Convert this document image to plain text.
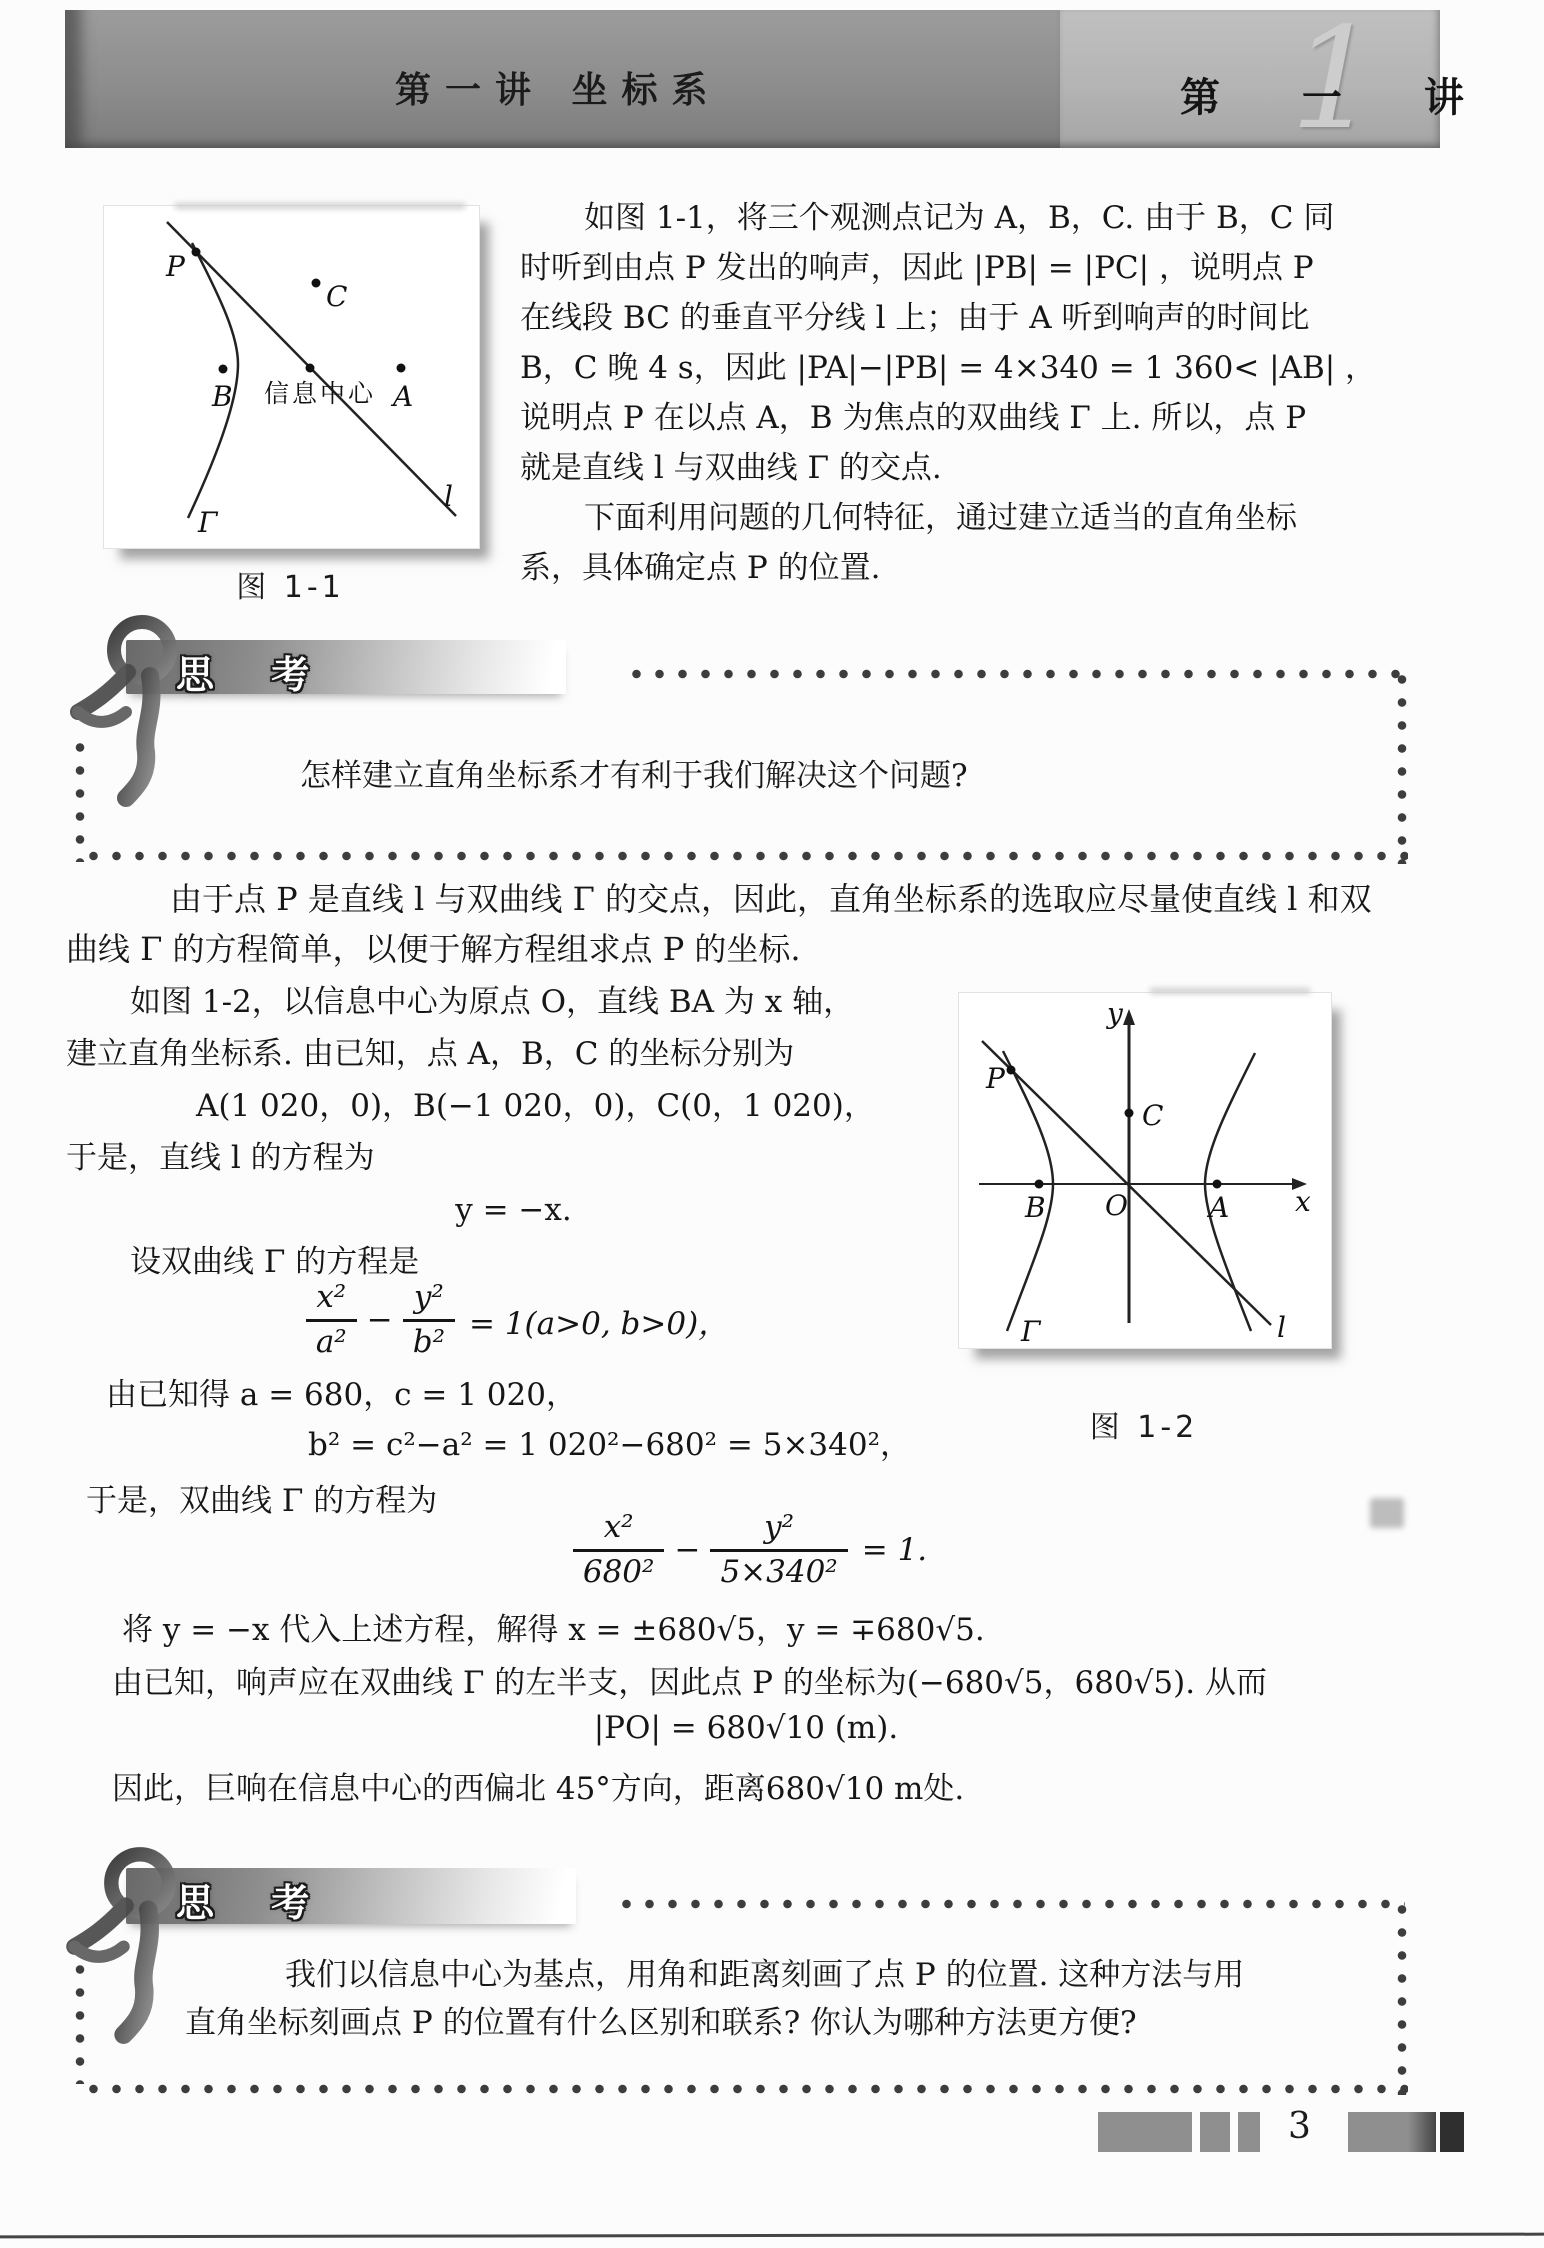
第一讲 坐标系	1
第 一 讲
P
C
B 信息中心 A
l
Γ
图 1-1
如图 1-1，将三个观测点记为 A，B，C. 由于 B，C 同
时听到由点 P 发出的响声，因此 |PB| = |PC| ，说明点 P
在线段 BC 的垂直平分线 l 上；由于 A 听到响声的时间比
B，C 晚 4 s，因此 |PA|−|PB| = 4×340 = 1 360< |AB| ，
说明点 P 在以点 A，B 为焦点的双曲线 Γ 上. 所以，点 P
就是直线 l 与双曲线 Γ 的交点.
下面利用问题的几何特征，通过建立适当的直角坐标
系，具体确定点 P 的位置.
思 考
怎样建立直角坐标系才有利于我们解决这个问题?
由于点 P 是直线 l 与双曲线 Γ 的交点，因此，直角坐标系的选取应尽量使直线 l 和双
曲线 Γ 的方程简单，以便于解方程组求点 P 的坐标.
如图 1-2，以信息中心为原点 O，直线 BA 为 x 轴，
建立直角坐标系. 由已知，点 A，B，C 的坐标分别为
A(1 020，0)，B(−1 020，0)，C(0，1 020)，
于是，直线 l 的方程为
y = −x.
设双曲线 Γ 的方程是
P
C
B O	A
y
x
Γ	l
图 1-2
$\frac{\text{x²}}{\text{a²}} - \frac{\text{y²}}{\text{b²}} = 1(a>0$, b>0)，
由已知得 a = 680，c = 1 020，
b² = c²−a² = 1 020²−680² = 5×340²，
于是，双曲线 Γ 的方程为
$\frac{\text{x²}}{\text{680²}} - \frac{\text{y²}}{\text{5×340²}} = 1$.
将 y = −x 代入上述方程，解得 x = ±680√5，y = ∓680√5.
由已知，响声应在双曲线 Γ 的左半支，因此点 P 的坐标为(−680√5，680√5). 从而
|PO| = 680√10 (m).
因此，巨响在信息中心的西偏北 45°方向，距离680√10 m处.
思 考
我们以信息中心为基点，用角和距离刻画了点 P 的位置. 这种方法与用
直角坐标刻画点 P 的位置有什么区别和联系? 你认为哪种方法更方便?
3
